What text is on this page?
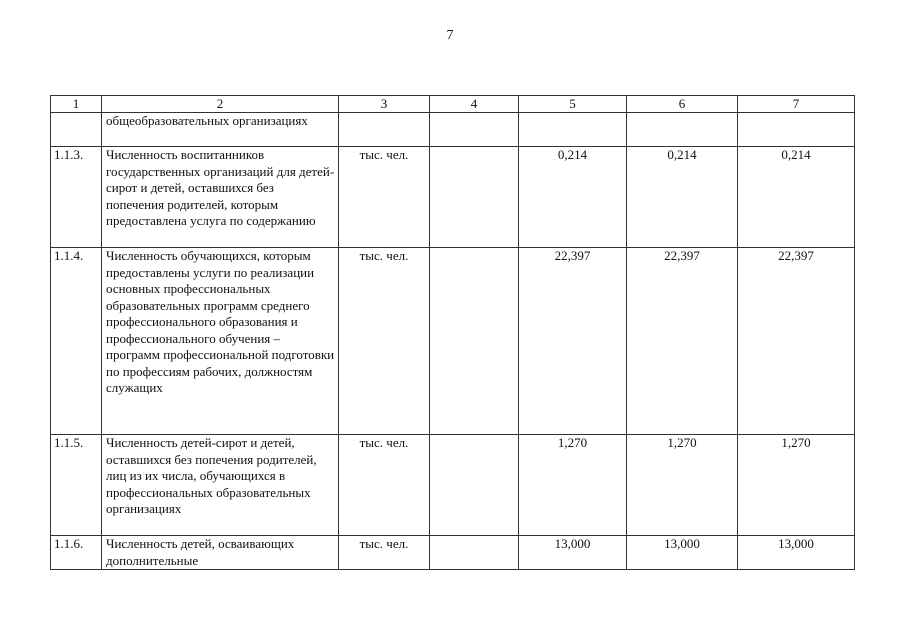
7
1	2	3	4	5	6	7
	общеобразовательных организациях					
1.1.3.	Численность воспитанников государственных организаций для детей-сирот и детей, оставшихся без попечения родителей, которым предоставлена услуга по содержанию	тыс. чел.		0,214	0,214	0,214
1.1.4.	Численность обучающихся, которым предоставлены услуги по реализации основных профессиональных образовательных программ среднего профессионального образования и профессионального обучения – программ профессиональной подготовки по профессиям рабочих, должностям служащих	тыс. чел.		22,397	22,397	22,397
1.1.5.	Численность детей-сирот и детей, оставшихся без попечения родителей, лиц из их числа, обучающихся в профессиональных образовательных организациях	тыс. чел.		1,270	1,270	1,270
1.1.6.	Численность детей, осваивающих дополнительные	тыс. чел.		13,000	13,000	13,000
